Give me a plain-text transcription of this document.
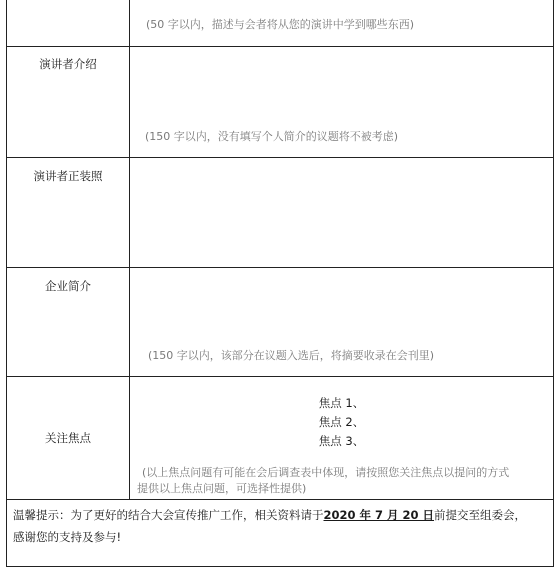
(50 字以内，描述与会者将从您的演讲中学到哪些东西)
演讲者介绍
(150 字以内，没有填写个人简介的议题将不被考虑)
演讲者正装照
企业简介
(150 字以内，该部分在议题入选后，将摘要收录在会刊里)
关注焦点
焦点 1、
焦点 2、
焦点 3、
(以上焦点问题有可能在会后调查表中体现，请按照您关注焦点以提问的方式
提供以上焦点问题，可选择性提供)
温馨提示：为了更好的结合大会宣传推广工作，相关资料请于2020 年 7 月 20 日前提交至组委会，
感谢您的支持及参与!
